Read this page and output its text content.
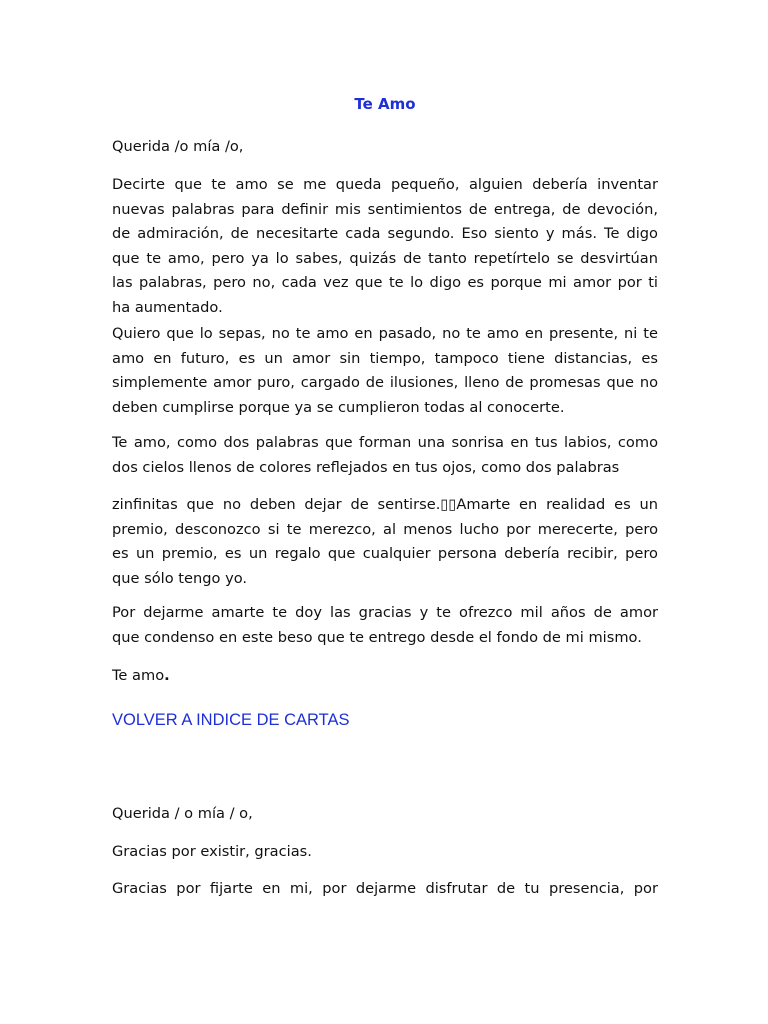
Te Amo

Querida /o mía /o,

Decirte que te amo se me queda pequeño, alguien debería inventar
nuevas palabras para definir mis sentimientos de entrega, de devoción,
de admiración, de necesitarte cada segundo. Eso siento y más. Te digo
que te amo, pero ya lo sabes, quizás de tanto repetírtelo se desvirtúan
las palabras, pero no, cada vez que te lo digo es porque mi amor por ti
ha aumentado.

Quiero que lo sepas, no te amo en pasado, no te amo en presente, ni te
amo en futuro, es un amor sin tiempo, tampoco tiene distancias, es
simplemente amor puro, cargado de ilusiones, lleno de promesas que no
deben cumplirse porque ya se cumplieron todas al conocerte.

Te amo, como dos palabras que forman una sonrisa en tus labios, como
dos cielos llenos de colores reflejados en tus ojos, como dos palabras

zinfinitas que no deben dejar de sentirse.▯▯Amarte en realidad es un
premio, desconozco si te merezco, al menos lucho por merecerte, pero
es un premio, es un regalo que cualquier persona debería recibir, pero
que sólo tengo yo.

Por dejarme amarte te doy las gracias y te ofrezco mil años de amor
que condenso en este beso que te entrego desde el fondo de mi mismo.

Te amo.

VOLVER A INDICE DE CARTAS

Querida / o mía / o,

Gracias por existir, gracias.

Gracias por fijarte en mi, por dejarme disfrutar de tu presencia, por
